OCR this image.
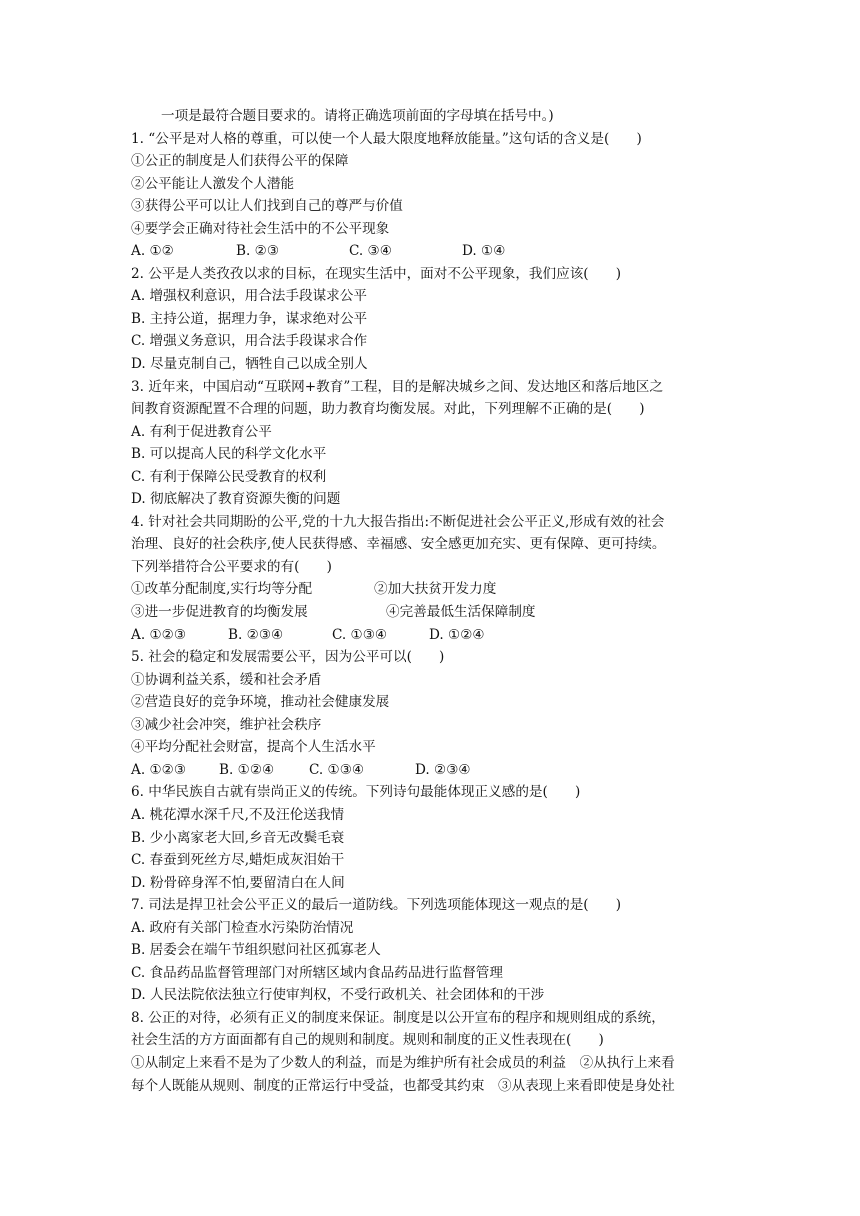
一项是最符合题目要求的。请将正确选项前面的字母填在括号中。)
1. “公平是对人格的尊重，可以使一个人最大限度地释放能量。”这句话的含义是(　　)
①公正的制度是人们获得公平的保障
②公平能让人激发个人潜能
③获得公平可以让人们找到自己的尊严与价值
④要学会正确对待社会生活中的不公平现象
A. ①②	B. ②③	C. ③④	D. ①④
2. 公平是人类孜孜以求的目标，在现实生活中，面对不公平现象，我们应该(　　)
A. 增强权利意识，用合法手段谋求公平
B. 主持公道，据理力争，谋求绝对公平
C. 增强义务意识，用合法手段谋求合作
D. 尽量克制自己，牺牲自己以成全别人
3. 近年来，中国启动“互联网+教育”工程，目的是解决城乡之间、发达地区和落后地区之
间教育资源配置不合理的问题，助力教育均衡发展。对此，下列理解不正确的是(　　)
A. 有利于促进教育公平
B. 可以提高人民的科学文化水平
C. 有利于保障公民受教育的权利
D. 彻底解决了教育资源失衡的问题
4. 针对社会共同期盼的公平,党的十九大报告指出:不断促进社会公平正义,形成有效的社会
治理、良好的社会秩序,使人民获得感、幸福感、安全感更加充实、更有保障、更可持续。
下列举措符合公平要求的有(　　)
①改革分配制度,实行均等分配	②加大扶贫开发力度
③进一步促进教育的均衡发展	④完善最低生活保障制度
A. ①②③	B. ②③④	C. ①③④	D. ①②④
5. 社会的稳定和发展需要公平，因为公平可以(　　)
①协调利益关系，缓和社会矛盾
②营造良好的竞争环境，推动社会健康发展
③减少社会冲突，维护社会秩序
④平均分配社会财富，提高个人生活水平
A. ①②③ B. ①②④	C. ①③④	D. ②③④
6. 中华民族自古就有崇尚正义的传统。下列诗句最能体现正义感的是(　　)
A. 桃花潭水深千尺,不及汪伦送我情
B. 少小离家老大回,乡音无改鬓毛衰
C. 春蚕到死丝方尽,蜡炬成灰泪始干
D. 粉骨碎身浑不怕,要留清白在人间
7. 司法是捍卫社会公平正义的最后一道防线。下列选项能体现这一观点的是(　　)
A. 政府有关部门检查水污染防治情况
B. 居委会在端午节组织慰问社区孤寡老人
C. 食品药品监督管理部门对所辖区域内食品药品进行监督管理
D. 人民法院依法独立行使审判权，不受行政机关、社会团体和的干涉
8. 公正的对待，必须有正义的制度来保证。制度是以公开宣布的程序和规则组成的系统，
社会生活的方方面面都有自己的规则和制度。规则和制度的正义性表现在(　　)
①从制定上来看不是为了少数人的利益，而是为维护所有社会成员的利益　②从执行上来看
每个人既能从规则、制度的正常运行中受益，也都受其约束　③从表现上来看即使是身处社
